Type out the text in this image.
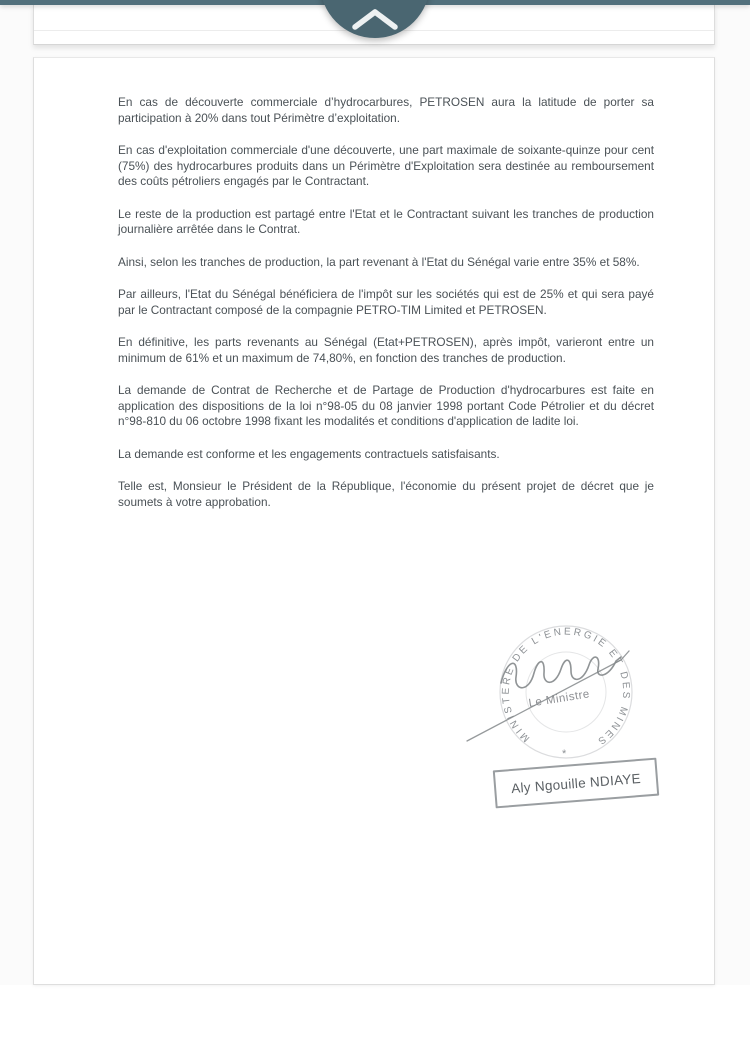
En cas de découverte commerciale d’hydrocarbures, PETROSEN aura la latitude de porter sa participation à 20% dans tout Périmètre d’exploitation.

En cas d'exploitation commerciale d'une découverte, une part maximale de soixante-quinze pour cent (75%) des hydrocarbures produits dans un Périmètre d'Exploitation sera destinée au remboursement des coûts pétroliers engagés par le Contractant.

Le reste de la production est partagé entre l'Etat et le Contractant suivant les tranches de production journalière arrêtée dans le Contrat.

Ainsi, selon les tranches de production, la part revenant à l'Etat du Sénégal varie entre 35% et 58%.

Par ailleurs, l'Etat du Sénégal bénéficiera de l'impôt sur les sociétés qui est de 25% et qui sera payé par le Contractant composé de la compagnie PETRO-TIM Limited et PETROSEN.

En définitive, les parts revenants au Sénégal (Etat+PETROSEN), après impôt, varieront entre un minimum de 61% et un maximum de 74,80%, en fonction des tranches de production.

La demande de Contrat de Recherche et de Partage de Production d'hydrocarbures est faite en application des dispositions de la loi n°98-05 du 08 janvier 1998 portant Code Pétrolier et du décret n°98-810 du 06 octobre 1998 fixant les modalités et conditions d'application de ladite loi.

La demande est conforme et les engagements contractuels satisfaisants.

Telle est, Monsieur le Président de la République, l'économie du présent projet de décret que je soumets à votre approbation.

MINISTERE DE L'ENERGIE ET DES MINES
*
Le Ministre
Aly Ngouille NDIAYE
